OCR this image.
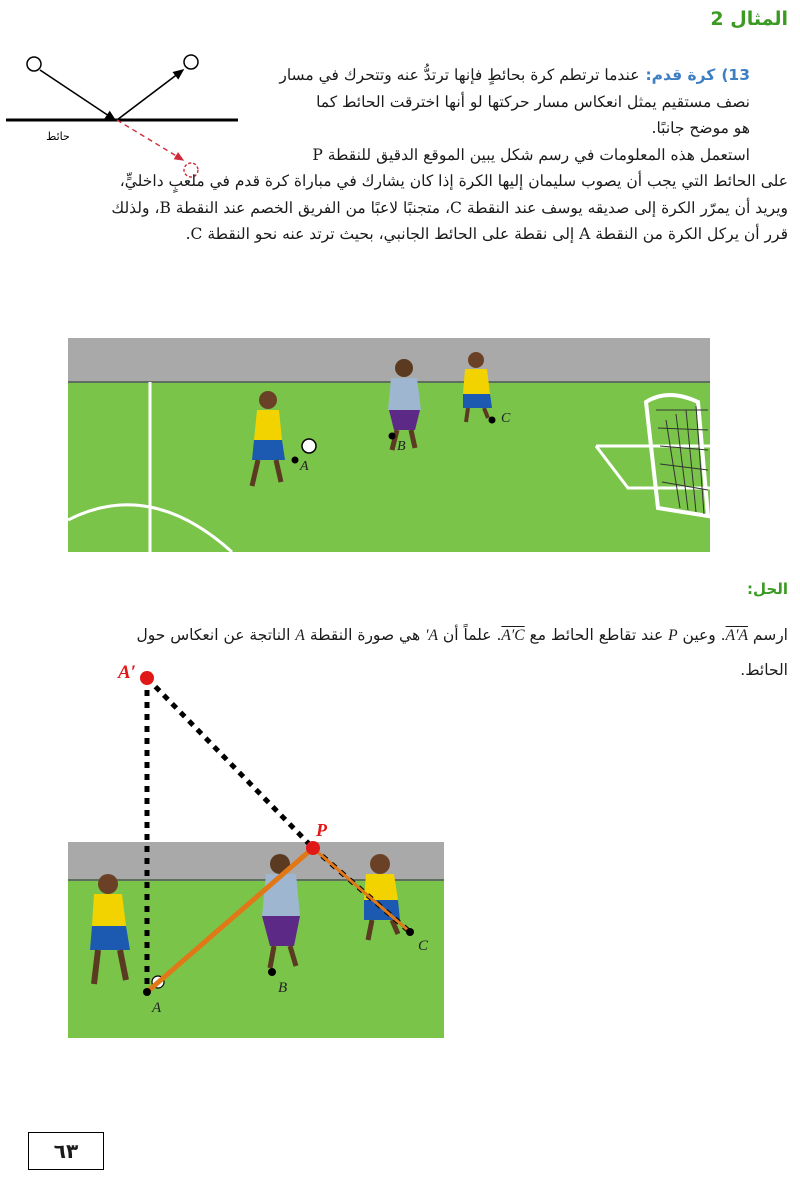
المثال 2
حائط
13)كرة قدم:عندما ترتطم كرة بحائطٍ فإنها ترتدُّ عنه وتتحرك في مسار
نصف مستقيم يمثل انعكاس مسار حركتها لو أنها اخترقت الحائط كما
هو موضح جانبًا.
استعمل هذه المعلومات في رسم شكل يبين الموقع الدقيق للنقطة P
على الحائط التي يجب أن يصوب سليمان إليها الكرة إذا كان يشارك في مباراة كرة قدم في ملعبٍ داخليٍّ،
ويريد أن يمرّر الكرة إلى صديقه يوسف عند النقطة C، متجنبًا لاعبًا من الفريق الخصم عند النقطة B، ولذلك
قرر أن يركل الكرة من النقطة A إلى نقطة على الحائط الجانبي، بحيث ترتد عنه نحو النقطة C.
A
B
C
الحل:
ارسم A′A. وعين P عند تقاطع الحائط مع A′C. علماً أن A′ هي صورة النقطة A الناتجة عن انعكاس حول
الحائط.
A′
P
A
B
C
٦٣
